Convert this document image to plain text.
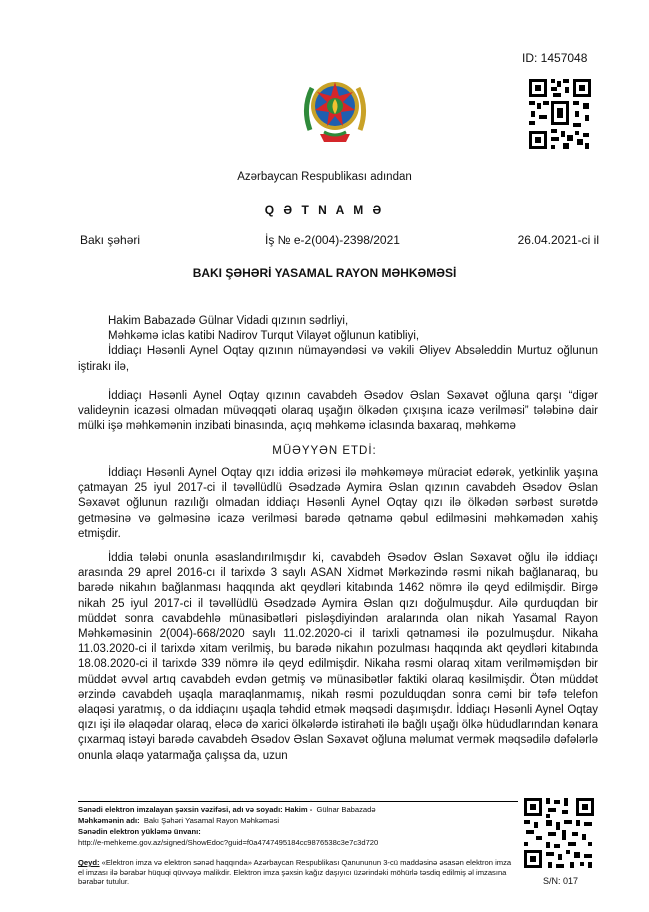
ID: 1457048
Azərbaycan Respublikası adından
Q Ə T N A M Ə
Bakı şəhəri	İş № e-2(004)-2398/2021	26.04.2021-ci il
BAKI ŞƏHƏRİ YASAMAL RAYON MƏHKƏMƏSİ

Hakim Babazadə Gülnar Vidadi qızının sədrliyi,

Məhkəmə iclas katibi Nadirov Turqut Vilayət oğlunun katibliyi,

İddiaçı Həsənli Aynel Oqtay qızının nümayəndəsi və vəkili Əliyev Absəleddin Murtuz oğlunun iştirakı ilə,

İddiaçı Həsənli Aynel Oqtay qızının cavabdeh Əsədov Əslan Səxavət oğluna qarşı “digər valideynin icazəsi olmadan müvəqqəti olaraq uşağın ölkədən çıxışına icazə verilməsi” tələbinə dair mülki işə məhkəmənin inzibati binasında, açıq məhkəmə iclasında baxaraq, məhkəmə

MÜƏYYƏN ETDİ:

İddiaçı Həsənli Aynel Oqtay qızı iddia ərizəsi ilə məhkəməyə müraciət edərək, yetkinlik yaşına çatmayan 25 iyul 2017-ci il təvəllüdlü Əsədzadə Aymira Əslan qızının cavabdeh Əsədov Əslan Səxavət oğlunun razılığı olmadan iddiaçı Həsənli Aynel Oqtay qızı ilə ölkədən sərbəst surətdə getməsinə və gəlməsinə icazə verilməsi barədə qətnamə qəbul edilməsini məhkəmədən xahiş etmişdir.

İddia tələbi onunla əsaslandırılmışdır ki, cavabdeh Əsədov Əslan Səxavət oğlu ilə iddiaçı arasında 29 aprel 2016-cı il tarixdə 3 saylı ASAN Xidmət Mərkəzində rəsmi nikah bağlanaraq, bu barədə nikahın bağlanması haqqında akt qeydləri kitabında 1462 nömrə ilə qeyd edilmişdir. Birgə nikah 25 iyul 2017-ci il təvəllüdlü Əsədzadə Aymira Əslan qızı doğulmuşdur. Ailə qurduqdan bir müddət sonra cavabdehlə münasibətləri pisləşdiyindən aralarında olan nikah Yasamal Rayon Məhkəməsinin 2(004)-668/2020 saylı 11.02.2020-ci il tarixli qətnaməsi ilə pozulmuşdur. Nikaha 11.03.2020-ci il tarixdə xitam verilmiş, bu barədə nikahın pozulması haqqında akt qeydləri kitabında 18.08.2020-ci il tarixdə 339 nömrə ilə qeyd edilmişdir. Nikaha rəsmi olaraq xitam verilməmişdən bir müddət əvvəl artıq cavabdeh evdən getmiş və münasibətlər faktiki olaraq kəsilmişdir. Ötən müddət ərzində cavabdeh uşaqla maraqlanmamış, nikah rəsmi pozulduqdan sonra cəmi bir təfə telefon əlaqəsi yaratmış, o da iddiaçını uşaqla təhdid etmək məqsədi daşımışdır. İddiaçı Həsənli Aynel Oqtay qızı işi ilə əlaqədar olaraq, eləcə də xarici ölkələrdə istirahəti ilə bağlı uşağı ölkə hüdudlarından kənara çıxarmaq istəyi barədə cavabdeh Əsədov Əslan Səxavət oğluna məlumat vermək məqsədilə dəfələrlə onunla əlaqə yatarmağa çalışsa da, uzun

Sənədi elektron imzalayan şəxsin vəzifəsi, adı və soyadı: Hakim - Gülnar Babazadə
Məhkəmənin adı: Bakı Şəhəri Yasamal Rayon Məhkəməsi
Sənədin elektron yükləmə ünvanı:
http://e-mehkeme.gov.az/signed/ShowEdoc?guid=f0a4747495184cc9876538c3e7c3d720
Qeyd: «Elektron imza və elektron sənəd haqqında» Azərbaycan Respublikası Qanununun 3-cü maddəsinə əsasən elektron imza el imzası ilə bərabər hüquqi qüvvəyə malikdir. Elektron imza şəxsin kağız daşıyıcı üzərindəki möhürlə təsdiq edilmiş əl imzasına bərabər tutulur.	S/N: 017
